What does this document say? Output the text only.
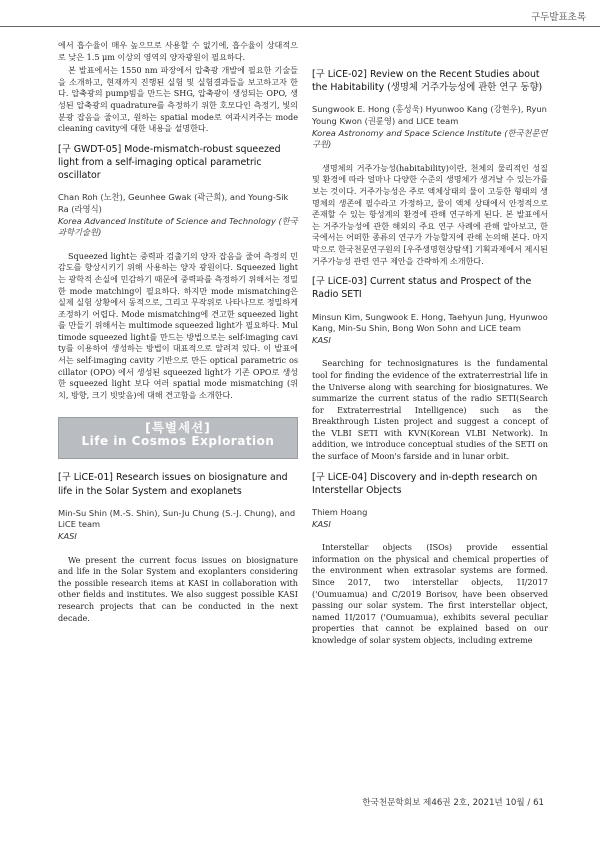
구두발표초록

에서 흡수율이 매우 높으므로 사용할 수 없기에, 흡수율이 상대적으로 낮은 1.5 μm 이상의 영역의 양자광원이 필요하다.

본 발표에서는 1550 nm 파장에서 압축광 개발에 필요한 기술들을 소개하고, 현재까지 진행된 실험 및 실험결과들을 보고하고자 한다. 압축광의 pump빔을 만드는 SHG, 압축광이 생성되는 OPO, 생성된 압축광의 quadrature를 측정하기 위한 호모다인 측정기, 빛의 분광 잡음을 줄이고, 원하는 spatial mode로 여과시켜주는 mode cleaning cavity에 대한 내용을 설명한다.

[구 GWDT-05] Mode-mismatch-robust squeezed light from a self-imaging optical parametric oscillator

Chan Roh (노찬), Geunhee Gwak (곽근희), and Young-Sik Ra (라영식)

Korea Advanced Institute of Science and Technology (한국과학기술원)

Squeezed light는 중력파 검출기의 양자 잡음을 줄여 측정의 민감도를 향상시키기 위해 사용하는 양자 광원이다. Squeezed light는 광학적 손실에 민감하기 때문에 중력파를 측정하기 위해서는 정밀한 mode matching이 필요하다. 하지만 mode mismatching은 실제 실험 상황에서 동적으로, 그리고 무작위로 나타나므로 정밀하게 조정하기 어렵다. Mode mismatching에 견고한 squeezed light를 만들기 위해서는 multimode squeezed light가 필요하다. Multimode squeezed light를 만드는 방법으로는 self-imaging cavity를 이용하여 생성하는 방법이 대표적으로 알려져 있다. 이 발표에서는 self-imaging cavity 기반으로 만든 optical parametric oscillator (OPO) 에서 생성된 squeezed light가 기존 OPO로 생성한 squeezed light 보다 여러 spatial mode mismatching (위치, 방향, 크기 빗맞음)에 대해 견고함을 소개한다.

[특별세션]
Life in Cosmos Exploration
[구 LiCE-01] Research issues on biosignature and life in the Solar System and exoplanets

Min-Su Shin (M.-S. Shin), Sun-Ju Chung (S.-J. Chung), and LiCE team

KASI

We present the current focus issues on biosignature and life in the Solar System and exoplanters considering the possible research items at KASI in collaboration with other fields and institutes. We also suggest possible KASI research projects that can be conducted in the next decade.

[구 LiCE-02] Review on the Recent Studies about the Habitability (생명체 거주가능성에 관한 연구 동향)

Sungwook E. Hong (홍성욱) Hyunwoo Kang (강현우), Ryun Young Kwon (권륜영) and LICE team

Korea Astronomy and Space Science Institute (한국천문연구원)

생명체의 거주가능성(habitability)이란, 천체의 물리적인 성질 및 환경에 따라 얼마나 다양한 수준의 생명체가 생겨날 수 있는가를 보는 것이다. 거주가능성은 주로 액체상태의 물이 고등한 형태의 생명체의 생존에 필수라고 가정하고, 물이 액체 상태에서 안정적으로 존재할 수 있는 항성계의 환경에 관해 연구하게 된다. 본 발표에서는 거주가능성에 관한 해외의 주요 연구 사례에 관해 알아보고, 한국에서는 어떠한 종류의 연구가 가능할지에 관해 논의해 본다. 마지막으로 한국천문연구원의 [우주생명현상탐색] 기획과제에서 제시된 거주가능성 관련 연구 제안을 간략하게 소개한다.

[구 LiCE-03] Current status and Prospect of the Radio SETI

Minsun Kim, Sungwook E. Hong, Taehyun Jung, Hyunwoo Kang, Min-Su Shin, Bong Won Sohn and LiCE team

KASI

Searching for technosignatures is the fundamental tool for finding the evidence of the extraterrestrial life in the Universe along with searching for biosignatures. We summarize the current status of the radio SETI(Search for Extraterrestrial Intelligence) such as the Breakthrough Listen project and suggest a concept of the VLBI SETI with KVN(Korean VLBI Network). In addition, we introduce conceptual studies of the SETI on the surface of Moon's farside and in lunar orbit.

[구 LiCE-04] Discovery and in-depth research on Interstellar Objects

Thiem Hoang

KASI

Interstellar objects (ISOs) provide essential information on the physical and chemical properties of the environment when extrasolar systems are formed. Since 2017, two interstellar objects, 1I/2017 ('Oumuamua) and C/2019 Borisov, have been observed passing our solar system. The first interstellar object, named 1I/2017 ('Oumuamua), exhibits several peculiar properties that cannot be explained based on our knowledge of solar system objects, including extreme

한국천문학회보 제46권 2호, 2021년 10월 / 61
